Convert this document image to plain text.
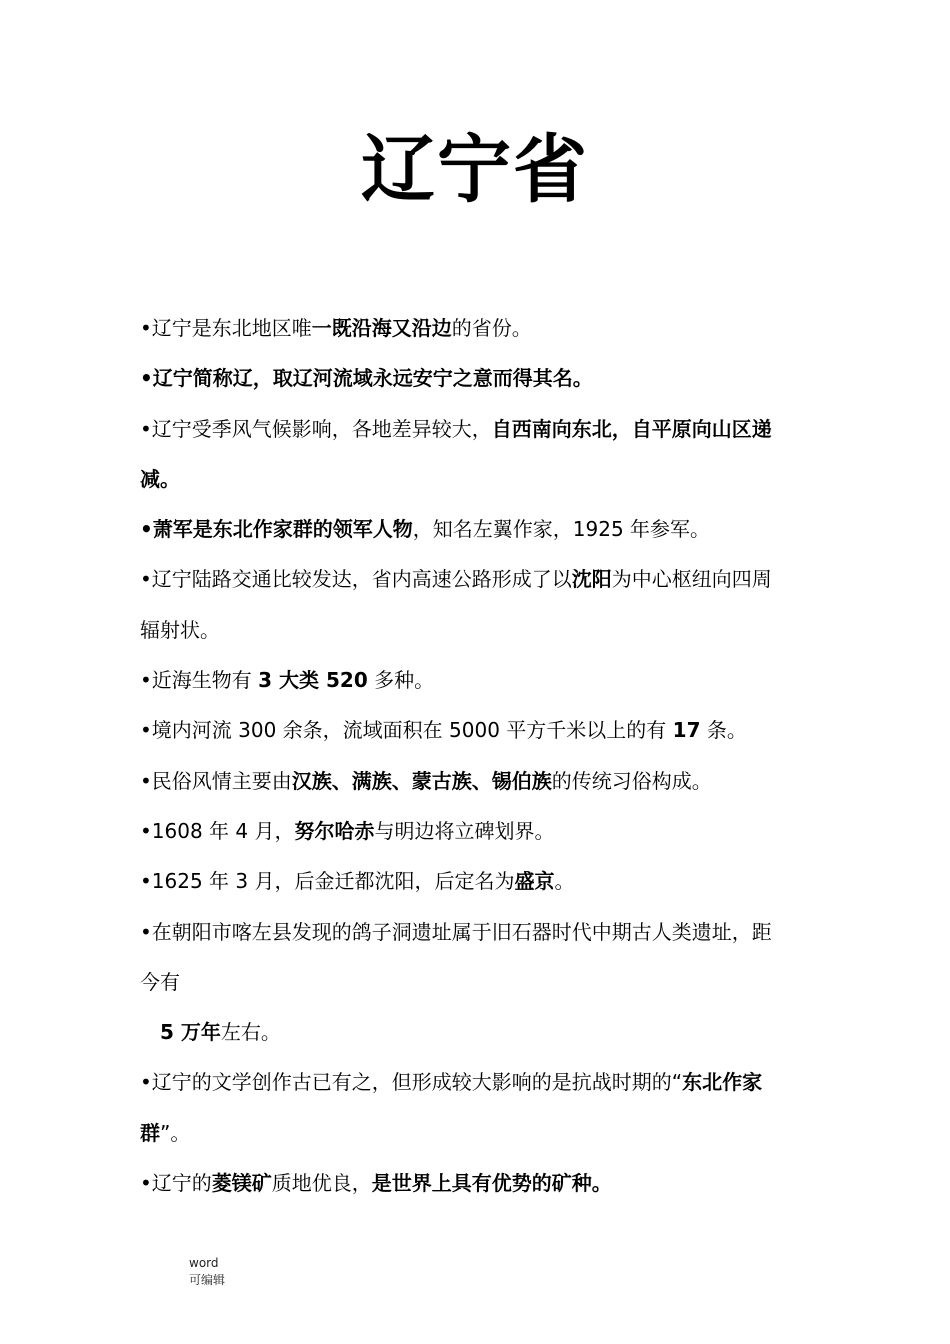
辽宁省
•辽宁是东北地区唯一既沿海又沿边的省份。
•辽宁简称辽，取辽河流域永远安宁之意而得其名。
•辽宁受季风气候影响，各地差异较大，自西南向东北，自平原向山区递
减。
•萧军是东北作家群的领军人物，知名左翼作家，1925 年参军。
•辽宁陆路交通比较发达，省内高速公路形成了以沈阳为中心枢纽向四周
辐射状。
•近海生物有 3 大类 520 多种。
•境内河流 300 余条，流域面积在 5000 平方千米以上的有 17 条。
•民俗风情主要由汉族、满族、蒙古族、锡伯族的传统习俗构成。
•1608 年 4 月，努尔哈赤与明边将立碑划界。
•1625 年 3 月，后金迁都沈阳，后定名为盛京。
•在朝阳市喀左县发现的鸽子洞遗址属于旧石器时代中期古人类遗址，距
今有
5 万年左右。
•辽宁的文学创作古已有之，但形成较大影响的是抗战时期的“东北作家
群”。
•辽宁的菱镁矿质地优良，是世界上具有优势的矿种。
word
可编辑
